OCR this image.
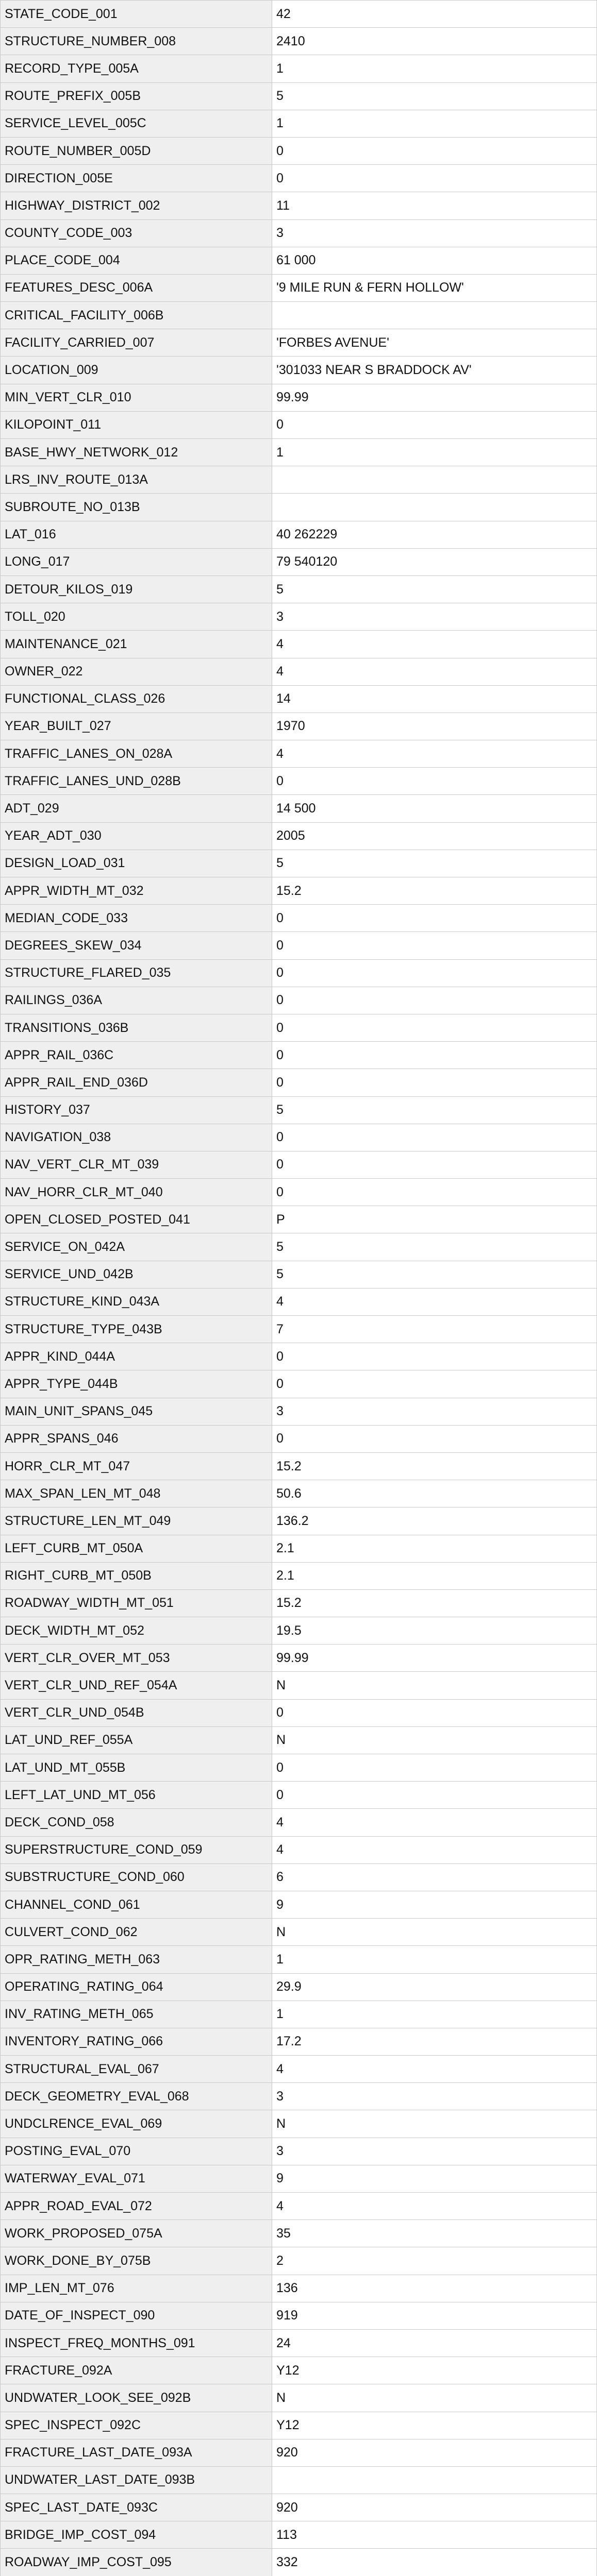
STATE_CODE_001	42
STRUCTURE_NUMBER_008	2410
RECORD_TYPE_005A	1
ROUTE_PREFIX_005B	5
SERVICE_LEVEL_005C	1
ROUTE_NUMBER_005D	0
DIRECTION_005E	0
HIGHWAY_DISTRICT_002	11
COUNTY_CODE_003	3
PLACE_CODE_004	61 000
FEATURES_DESC_006A	'9 MILE RUN & FERN HOLLOW'
CRITICAL_FACILITY_006B	
FACILITY_CARRIED_007	'FORBES AVENUE'
LOCATION_009	'301033 NEAR S BRADDOCK AV'
MIN_VERT_CLR_010	99.99
KILOPOINT_011	0
BASE_HWY_NETWORK_012	1
LRS_INV_ROUTE_013A	
SUBROUTE_NO_013B	
LAT_016	40 262229
LONG_017	79 540120
DETOUR_KILOS_019	5
TOLL_020	3
MAINTENANCE_021	4
OWNER_022	4
FUNCTIONAL_CLASS_026	14
YEAR_BUILT_027	1970
TRAFFIC_LANES_ON_028A	4
TRAFFIC_LANES_UND_028B	0
ADT_029	14 500
YEAR_ADT_030	2005
DESIGN_LOAD_031	5
APPR_WIDTH_MT_032	15.2
MEDIAN_CODE_033	0
DEGREES_SKEW_034	0
STRUCTURE_FLARED_035	0
RAILINGS_036A	0
TRANSITIONS_036B	0
APPR_RAIL_036C	0
APPR_RAIL_END_036D	0
HISTORY_037	5
NAVIGATION_038	0
NAV_VERT_CLR_MT_039	0
NAV_HORR_CLR_MT_040	0
OPEN_CLOSED_POSTED_041	P
SERVICE_ON_042A	5
SERVICE_UND_042B	5
STRUCTURE_KIND_043A	4
STRUCTURE_TYPE_043B	7
APPR_KIND_044A	0
APPR_TYPE_044B	0
MAIN_UNIT_SPANS_045	3
APPR_SPANS_046	0
HORR_CLR_MT_047	15.2
MAX_SPAN_LEN_MT_048	50.6
STRUCTURE_LEN_MT_049	136.2
LEFT_CURB_MT_050A	2.1
RIGHT_CURB_MT_050B	2.1
ROADWAY_WIDTH_MT_051	15.2
DECK_WIDTH_MT_052	19.5
VERT_CLR_OVER_MT_053	99.99
VERT_CLR_UND_REF_054A	N
VERT_CLR_UND_054B	0
LAT_UND_REF_055A	N
LAT_UND_MT_055B	0
LEFT_LAT_UND_MT_056	0
DECK_COND_058	4
SUPERSTRUCTURE_COND_059	4
SUBSTRUCTURE_COND_060	6
CHANNEL_COND_061	9
CULVERT_COND_062	N
OPR_RATING_METH_063	1
OPERATING_RATING_064	29.9
INV_RATING_METH_065	1
INVENTORY_RATING_066	17.2
STRUCTURAL_EVAL_067	4
DECK_GEOMETRY_EVAL_068	3
UNDCLRENCE_EVAL_069	N
POSTING_EVAL_070	3
WATERWAY_EVAL_071	9
APPR_ROAD_EVAL_072	4
WORK_PROPOSED_075A	35
WORK_DONE_BY_075B	2
IMP_LEN_MT_076	136
DATE_OF_INSPECT_090	919
INSPECT_FREQ_MONTHS_091	24
FRACTURE_092A	Y12
UNDWATER_LOOK_SEE_092B	N
SPEC_INSPECT_092C	Y12
FRACTURE_LAST_DATE_093A	920
UNDWATER_LAST_DATE_093B	
SPEC_LAST_DATE_093C	920
BRIDGE_IMP_COST_094	113
ROADWAY_IMP_COST_095	332
